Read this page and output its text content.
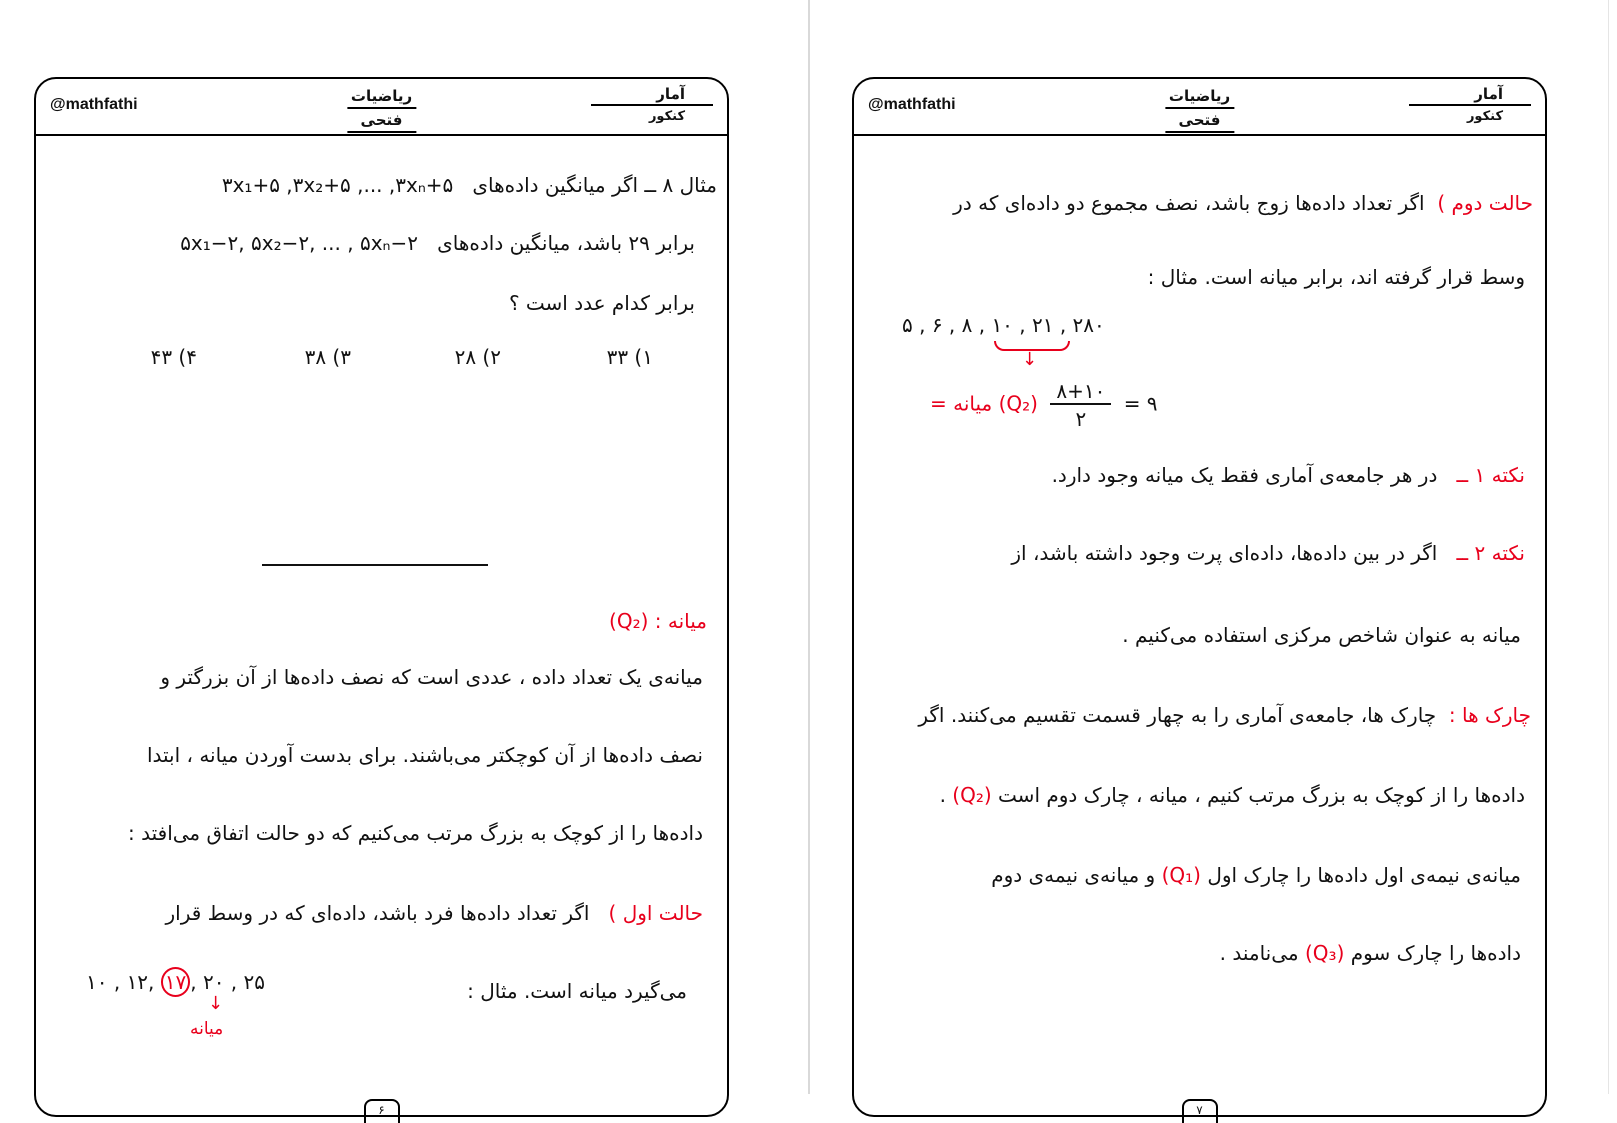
@mathfathi	ریاضیات
فتحی
آمار
کنکور
مثال ۸ ــ اگر میانگین داده‌های   ۳x₁+۵ ,۳x₂+۵ ,... ,۳xₙ+۵
برابر ۲۹ باشد، میانگین داده‌های   ۵x₁−۲, ۵x₂−۲, ... , ۵xₙ−۲
برابر کدام عدد است ؟
۱) ۳۳
۲) ۲۸
۳) ۳۸
۴) ۴۳
میانه : (Q₂)
میانه‌ی یک تعداد داده ، عددی است که نصف داده‌ها از آن بزرگتر و
نصف داده‌ها از آن کوچکتر می‌باشند. برای بدست آوردن میانه ، ابتدا
داده‌ها را از کوچک به بزرگ مرتب می‌کنیم که دو حالت اتفاق می‌افتد :
حالت اول )   اگر تعداد داده‌ها فرد باشد، داده‌ای که در وسط قرار
می‌گیرد میانه است. مثال :
۱۰ , ۱۲, ۱۷ , ۲۰ , ۲۵
↓
میانه
۶
@mathfathi	ریاضیات
فتحی
آمار
کنکور
حالت دوم )  اگر تعداد داده‌ها زوج باشد، نصف مجموع دو داده‌ای که در
وسط قرار گرفته اند، برابر میانه است. مثال :
۵ , ۶ , ۸ , ۱۰ , ۲۱ , ۲۸۰
↓
(Q₂) میانه = $\frac{۸+۱۰}{۲}$ = ۹
نکته ۱ ــ   در هر جامعه‌ی آماری فقط یک میانه وجود دارد.
نکته ۲ ــ   اگر در بین داده‌ها، داده‌ای پرت وجود داشته باشد، از
میانه به عنوان شاخص مرکزی استفاده می‌کنیم .
چارک ها :  چارک ها، جامعه‌ی آماری را به چهار قسمت تقسیم می‌کنند. اگر
داده‌ها را از کوچک به بزرگ مرتب کنیم ، میانه ، چارک دوم است (Q₂) .
میانه‌ی نیمه‌ی اول داده‌ها را چارک اول (Q₁) و میانه‌ی نیمه‌ی دوم
داده‌ها را چارک سوم (Q₃) می‌نامند .
۷
